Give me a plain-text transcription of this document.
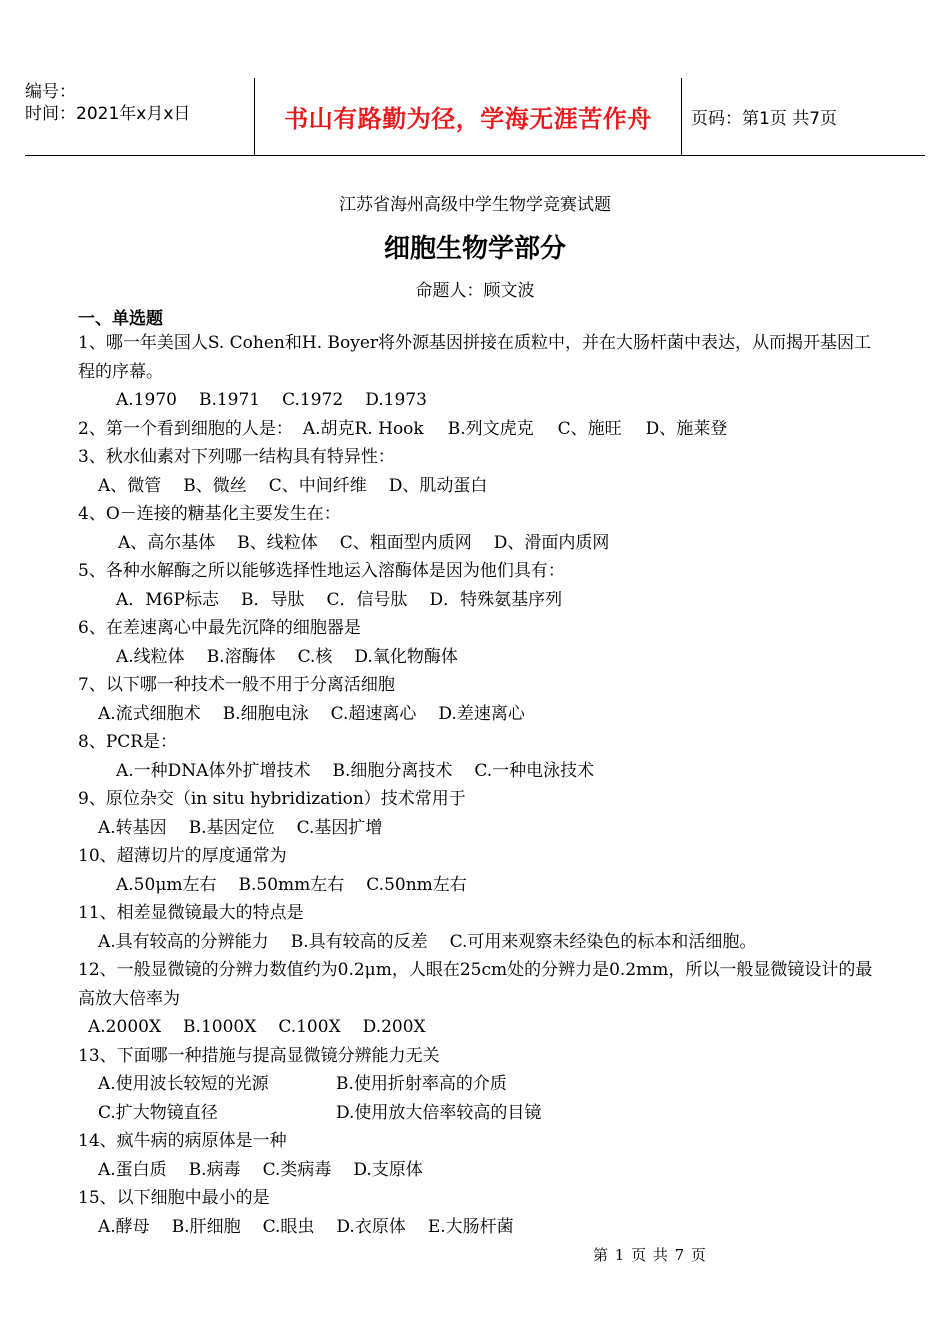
编号：
时间：2021年x月x日	书山有路勤为径，学海无涯苦作舟	页码：第1页 共7页
江苏省海州高级中学生物学竞赛试题
细胞生物学部分
命题人：顾文波
一、单选题
1、哪一年美国人S. Cohen和H. Boyer将外源基因拼接在质粒中，并在大肠杆菌中表达，从而揭开基因工程的序幕。
A.1970 B.1971 C.1972 D.1973
2、第一个看到细胞的人是： A.胡克R. Hook B.列文虎克 C、施旺 D、施莱登
3、秋水仙素对下列哪一结构具有特异性：
A、微管 B、微丝 C、中间纤维 D、肌动蛋白
4、O－连接的糖基化主要发生在：
A、高尔基体 B、线粒体 C、粗面型内质网 D、滑面内质网
5、各种水解酶之所以能够选择性地运入溶酶体是因为他们具有：
A．M6P标志 B．导肽 C．信号肽 D．特殊氨基序列
6、在差速离心中最先沉降的细胞器是
A.线粒体 B.溶酶体 C.核 D.氧化物酶体
7、以下哪一种技术一般不用于分离活细胞
A.流式细胞术 B.细胞电泳 C.超速离心 D.差速离心
8、PCR是：
A.一种DNA体外扩增技术 B.细胞分离技术 C.一种电泳技术
9、原位杂交（in situ hybridization）技术常用于
A.转基因 B.基因定位 C.基因扩增
10、超薄切片的厚度通常为
A.50μm左右 B.50mm左右 C.50nm左右
11、相差显微镜最大的特点是
A.具有较高的分辨能力 B.具有较高的反差 C.可用来观察未经染色的标本和活细胞。
12、一般显微镜的分辨力数值约为0.2μm，人眼在25cm处的分辨力是0.2mm，所以一般显微镜设计的最高放大倍率为
A.2000X B.1000X C.100X D.200X
13、下面哪一种措施与提高显微镜分辨能力无关
A.使用波长较短的光源	B.使用折射率高的介质
C.扩大物镜直径	D.使用放大倍率较高的目镜
14、疯牛病的病原体是一种
A.蛋白质 B.病毒 C.类病毒 D.支原体
15、以下细胞中最小的是
A.酵母 B.肝细胞 C.眼虫 D.衣原体 E.大肠杆菌
第 1 页 共 7 页
